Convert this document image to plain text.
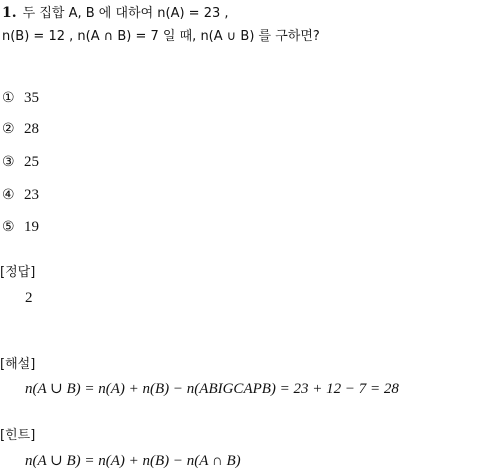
1. 두 집합 A, B 에 대하여 n(A) = 23 ,
n(B) = 12 , n(A ∩ B) = 7 일 때, n(A ∪ B) 를 구하면?
① 35
② 28
③ 25
④ 23
⑤ 19
[정답]
2
[해설]
n(A ∪ B) = n(A) + n(B) − n(ABIGCAPB) = 23 + 12 − 7 = 28
[힌트]
n(A ∪ B) = n(A) + n(B) − n(A ∩ B)
